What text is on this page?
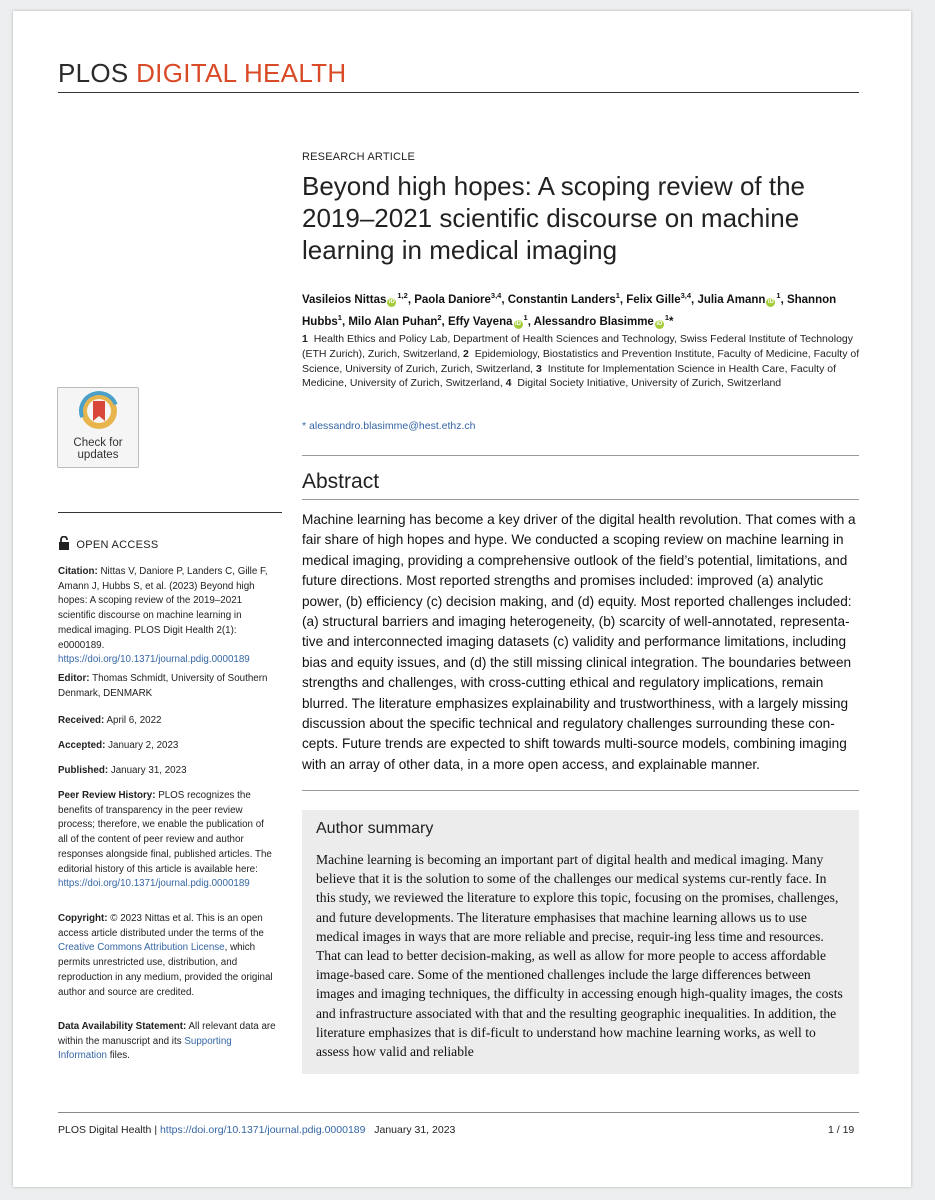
PLOS DIGITAL HEALTH
Check for
updates
OPEN ACCESS
Citation: Nittas V, Daniore P, Landers C, Gille F, Amann J, Hubbs S, et al. (2023) Beyond high hopes: A scoping review of the 2019–2021 scientific discourse on machine learning in medical imaging. PLOS Digit Health 2(1): e0000189.
https://doi.org/10.1371/journal.pdig.0000189
Editor: Thomas Schmidt, University of Southern Denmark, DENMARK
Received: April 6, 2022
Accepted: January 2, 2023
Published: January 31, 2023
Peer Review History: PLOS recognizes the benefits of transparency in the peer review process; therefore, we enable the publication of all of the content of peer review and author responses alongside final, published articles. The editorial history of this article is available here:
https://doi.org/10.1371/journal.pdig.0000189
Copyright: © 2023 Nittas et al. This is an open access article distributed under the terms of the
Creative Commons Attribution License, which permits unrestricted use, distribution, and reproduction in any medium, provided the original author and source are credited.
Data Availability Statement: All relevant data are within the manuscript and its Supporting Information files.
RESEARCH ARTICLE
Beyond high hopes: A scoping review of the 2019–2021 scientific discourse on machine learning in medical imaging
Vasileios Nittas iD$^{1,2}$, Paola Daniore$^{3,4}$, Constantin Landers$^1$, Felix Gille$^{3,4}$, Julia Amann $iD^1$, Shannon Hubbs$^1$, Milo Alan Puhan$^2$, Effy Vayena $iD^1$, Alessandro Blasimme $iD^1*$
1 Health Ethics and Policy Lab, Department of Health Sciences and Technology, Swiss Federal Institute of Technology (ETH Zurich), Zurich, Switzerland, 2 Epidemiology, Biostatistics and Prevention Institute, Faculty of Medicine, Faculty of Science, University of Zurich, Zurich, Switzerland, 3 Institute for Implementation Science in Health Care, Faculty of Medicine, University of Zurich, Switzerland, 4 Digital Society Initiative, University of Zurich, Switzerland
* alessandro.blasimme@hest.ethz.ch
Abstract
Machine learning has become a key driver of the digital health revolution. That comes with a fair share of high hopes and hype. We conducted a scoping review on machine learning in medical imaging, providing a comprehensive outlook of the field’s potential, limitations, and future directions. Most reported strengths and promises included: improved (a) analytic power, (b) efficiency (c) decision making, and (d) equity. Most reported challenges included: (a) structural barriers and imaging heterogeneity, (b) scarcity of well-annotated, representa-tive and interconnected imaging datasets (c) validity and performance limitations, including bias and equity issues, and (d) the still missing clinical integration. The boundaries between strengths and challenges, with cross-cutting ethical and regulatory implications, remain blurred. The literature emphasizes explainability and trustworthiness, with a largely missing discussion about the specific technical and regulatory challenges surrounding these con-cepts. Future trends are expected to shift towards multi-source models, combining imaging with an array of other data, in a more open access, and explainable manner.
Author summary
Machine learning is becoming an important part of digital health and medical imaging. Many believe that it is the solution to some of the challenges our medical systems cur-rently face. In this study, we reviewed the literature to explore this topic, focusing on the promises, challenges, and future developments. The literature emphasises that machine learning allows us to use medical images in ways that are more reliable and precise, requir-ing less time and resources. That can lead to better decision-making, as well as allow for more people to access affordable image-based care. Some of the mentioned challenges include the large differences between images and imaging techniques, the difficulty in accessing enough high-quality images, the costs and infrastructure associated with that and the resulting geographic inequalities. In addition, the literature emphasizes that is dif-ficult to understand how machine learning works, as well to assess how valid and reliable
PLOS Digital Health | https://doi.org/10.1371/journal.pdig.0000189 January 31, 2023	1 / 19
